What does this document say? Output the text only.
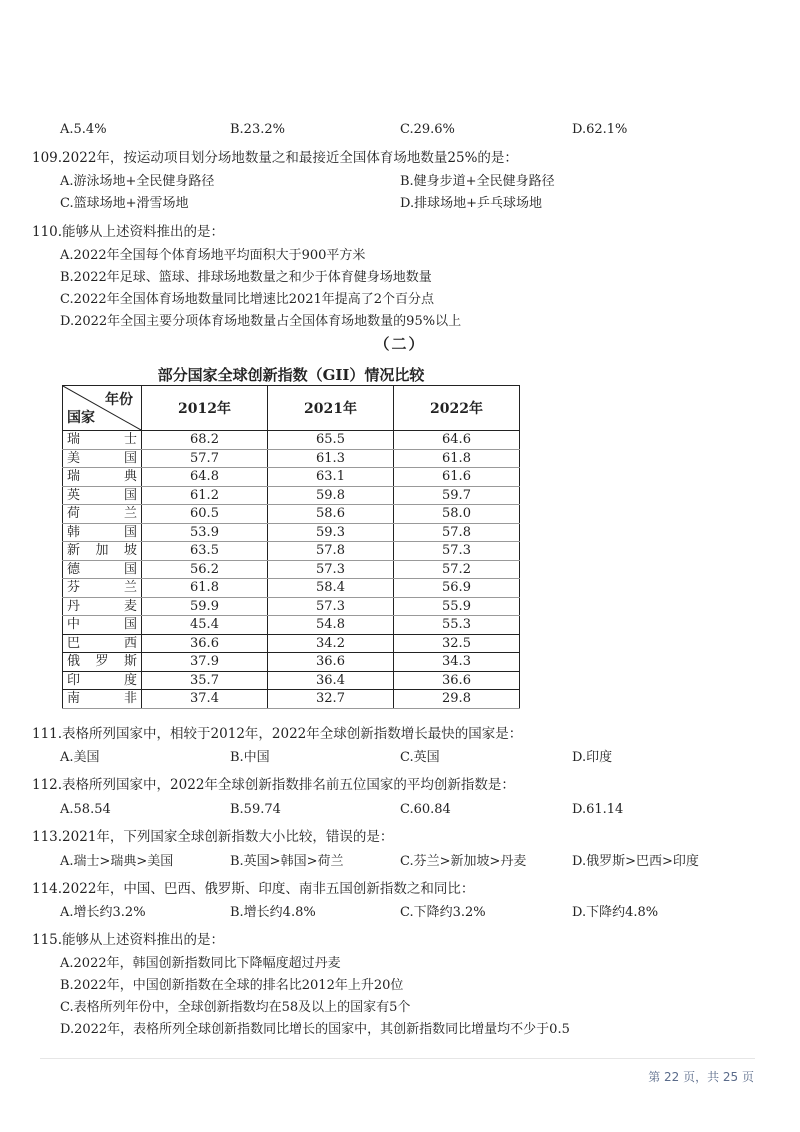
A.5.4%	B.23.2%	C.29.6%	D.62.1%
109.2022年，按运动项目划分场地数量之和最接近全国体育场地数量25%的是：
A.游泳场地+全民健身路径	B.健身步道+全民健身路径
C.篮球场地+滑雪场地	D.排球场地+乒乓球场地
110.能够从上述资料推出的是：
A.2022年全国每个体育场地平均面积大于900平方米
B.2022年足球、篮球、排球场地数量之和少于体育健身场地数量
C.2022年全国体育场地数量同比增速比2021年提高了2个百分点
D.2022年全国主要分项体育场地数量占全国体育场地数量的95%以上
（二）
部分国家全球创新指数（GII）情况比较
年份
国家	2012年	2021年	2022年
瑞士	68.2	65.5	64.6
美国	57.7	61.3	61.8
瑞典	64.8	63.1	61.6
英国	61.2	59.8	59.7
荷兰	60.5	58.6	58.0
韩国	53.9	59.3	57.8
新加坡	63.5	57.8	57.3
德国	56.2	57.3	57.2
芬兰	61.8	58.4	56.9
丹麦	59.9	57.3	55.9
中国	45.4	54.8	55.3
巴西	36.6	34.2	32.5
俄罗斯	37.9	36.6	34.3
印度	35.7	36.4	36.6
南非	37.4	32.7	29.8
111.表格所列国家中，相较于2012年，2022年全球创新指数增长最快的国家是：
A.美国	B.中国	C.英国	D.印度
112.表格所列国家中，2022年全球创新指数排名前五位国家的平均创新指数是：
A.58.54	B.59.74	C.60.84	D.61.14
113.2021年，下列国家全球创新指数大小比较，错误的是：
A.瑞士>瑞典>美国	B.英国>韩国>荷兰	C.芬兰>新加坡>丹麦	D.俄罗斯>巴西>印度
114.2022年，中国、巴西、俄罗斯、印度、南非五国创新指数之和同比：
A.增长约3.2%	B.增长约4.8%	C.下降约3.2%	D.下降约4.8%
115.能够从上述资料推出的是：
A.2022年，韩国创新指数同比下降幅度超过丹麦
B.2022年，中国创新指数在全球的排名比2012年上升20位
C.表格所列年份中，全球创新指数均在58及以上的国家有5个
D.2022年，表格所列全球创新指数同比增长的国家中，其创新指数同比增量均不少于0.5
第 22 页，共 25 页
